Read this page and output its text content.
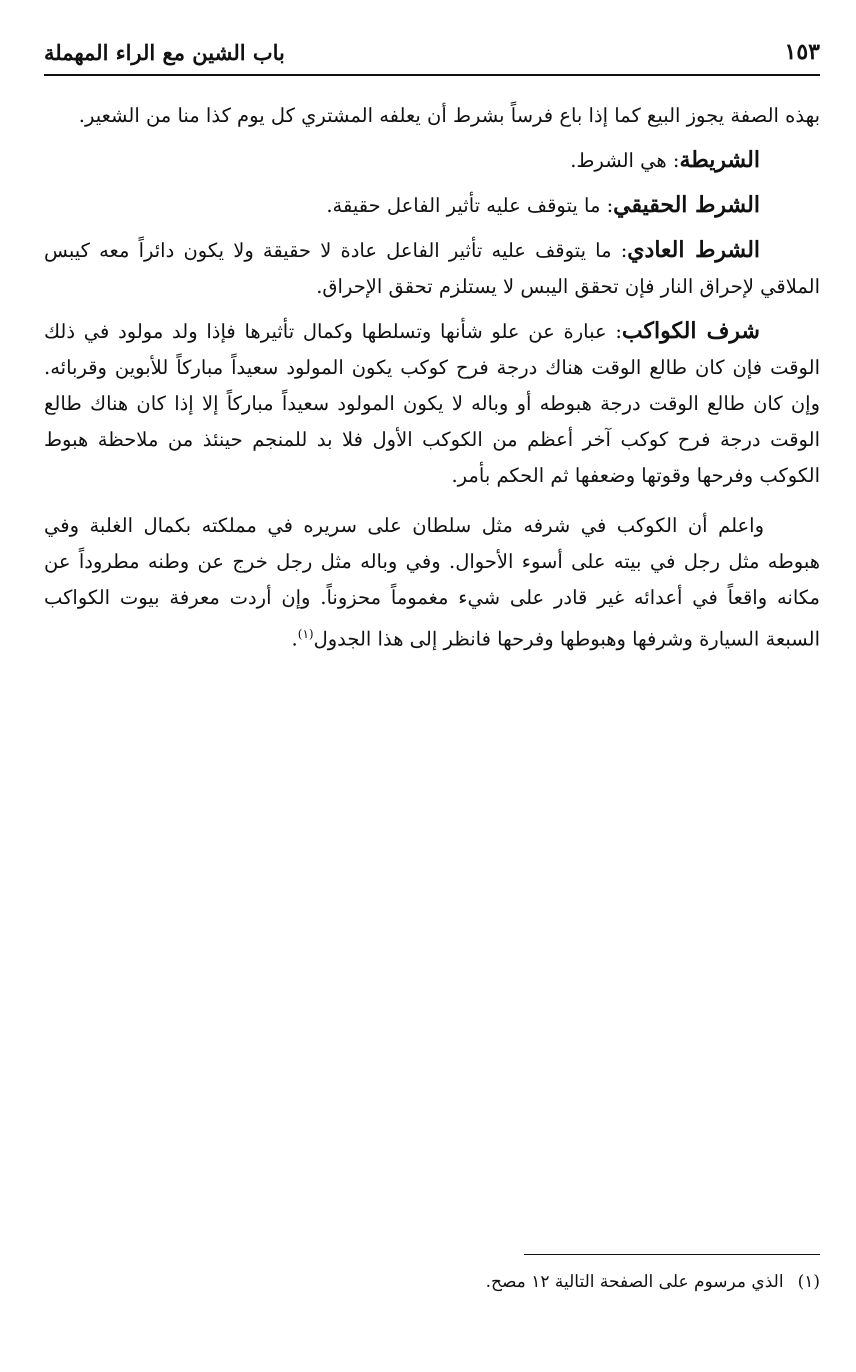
باب الشين مع الراء المهملة	١٥٣

بهذه الصفة يجوز البيع كما إذا باع فرساً بشرط أن يعلفه المشتري كل يوم كذا منا من الشعير.

الشريطة: هي الشرط.

الشرط الحقيقي: ما يتوقف عليه تأثير الفاعل حقيقة.

الشرط العادي: ما يتوقف عليه تأثير الفاعل عادة لا حقيقة ولا يكون دائراً معه كيبس الملاقي لإحراق النار فإن تحقق اليبس لا يستلزم تحقق الإحراق.

شرف الكواكب: عبارة عن علو شأنها وتسلطها وكمال تأثيرها فإذا ولد مولود في ذلك الوقت فإن كان طالع الوقت هناك درجة فرح كوكب يكون المولود سعيداً مباركاً للأبوين وقربائه. وإن كان طالع الوقت درجة هبوطه أو وباله لا يكون المولود سعيداً مباركاً إلا إذا كان هناك طالع الوقت درجة فرح كوكب آخر أعظم من الكوكب الأول فلا بد للمنجم حينئذ من ملاحظة هبوط الكوكب وفرحها وقوتها وضعفها ثم الحكم بأمر.

واعلم أن الكوكب في شرفه مثل سلطان على سريره في مملكته بكمال الغلبة وفي هبوطه مثل رجل في بيته على أسوء الأحوال. وفي وباله مثل رجل خرج عن وطنه مطروداً عن مكانه واقعاً في أعدائه غير قادر على شيء مغموماً محزوناً. وإن أردت معرفة بيوت الكواكب السبعة السيارة وشرفها وهبوطها وفرحها فانظر إلى هذا الجدول$^{(١)}$.

(١)الذي مرسوم على الصفحة التالية ١٢ مصح.
